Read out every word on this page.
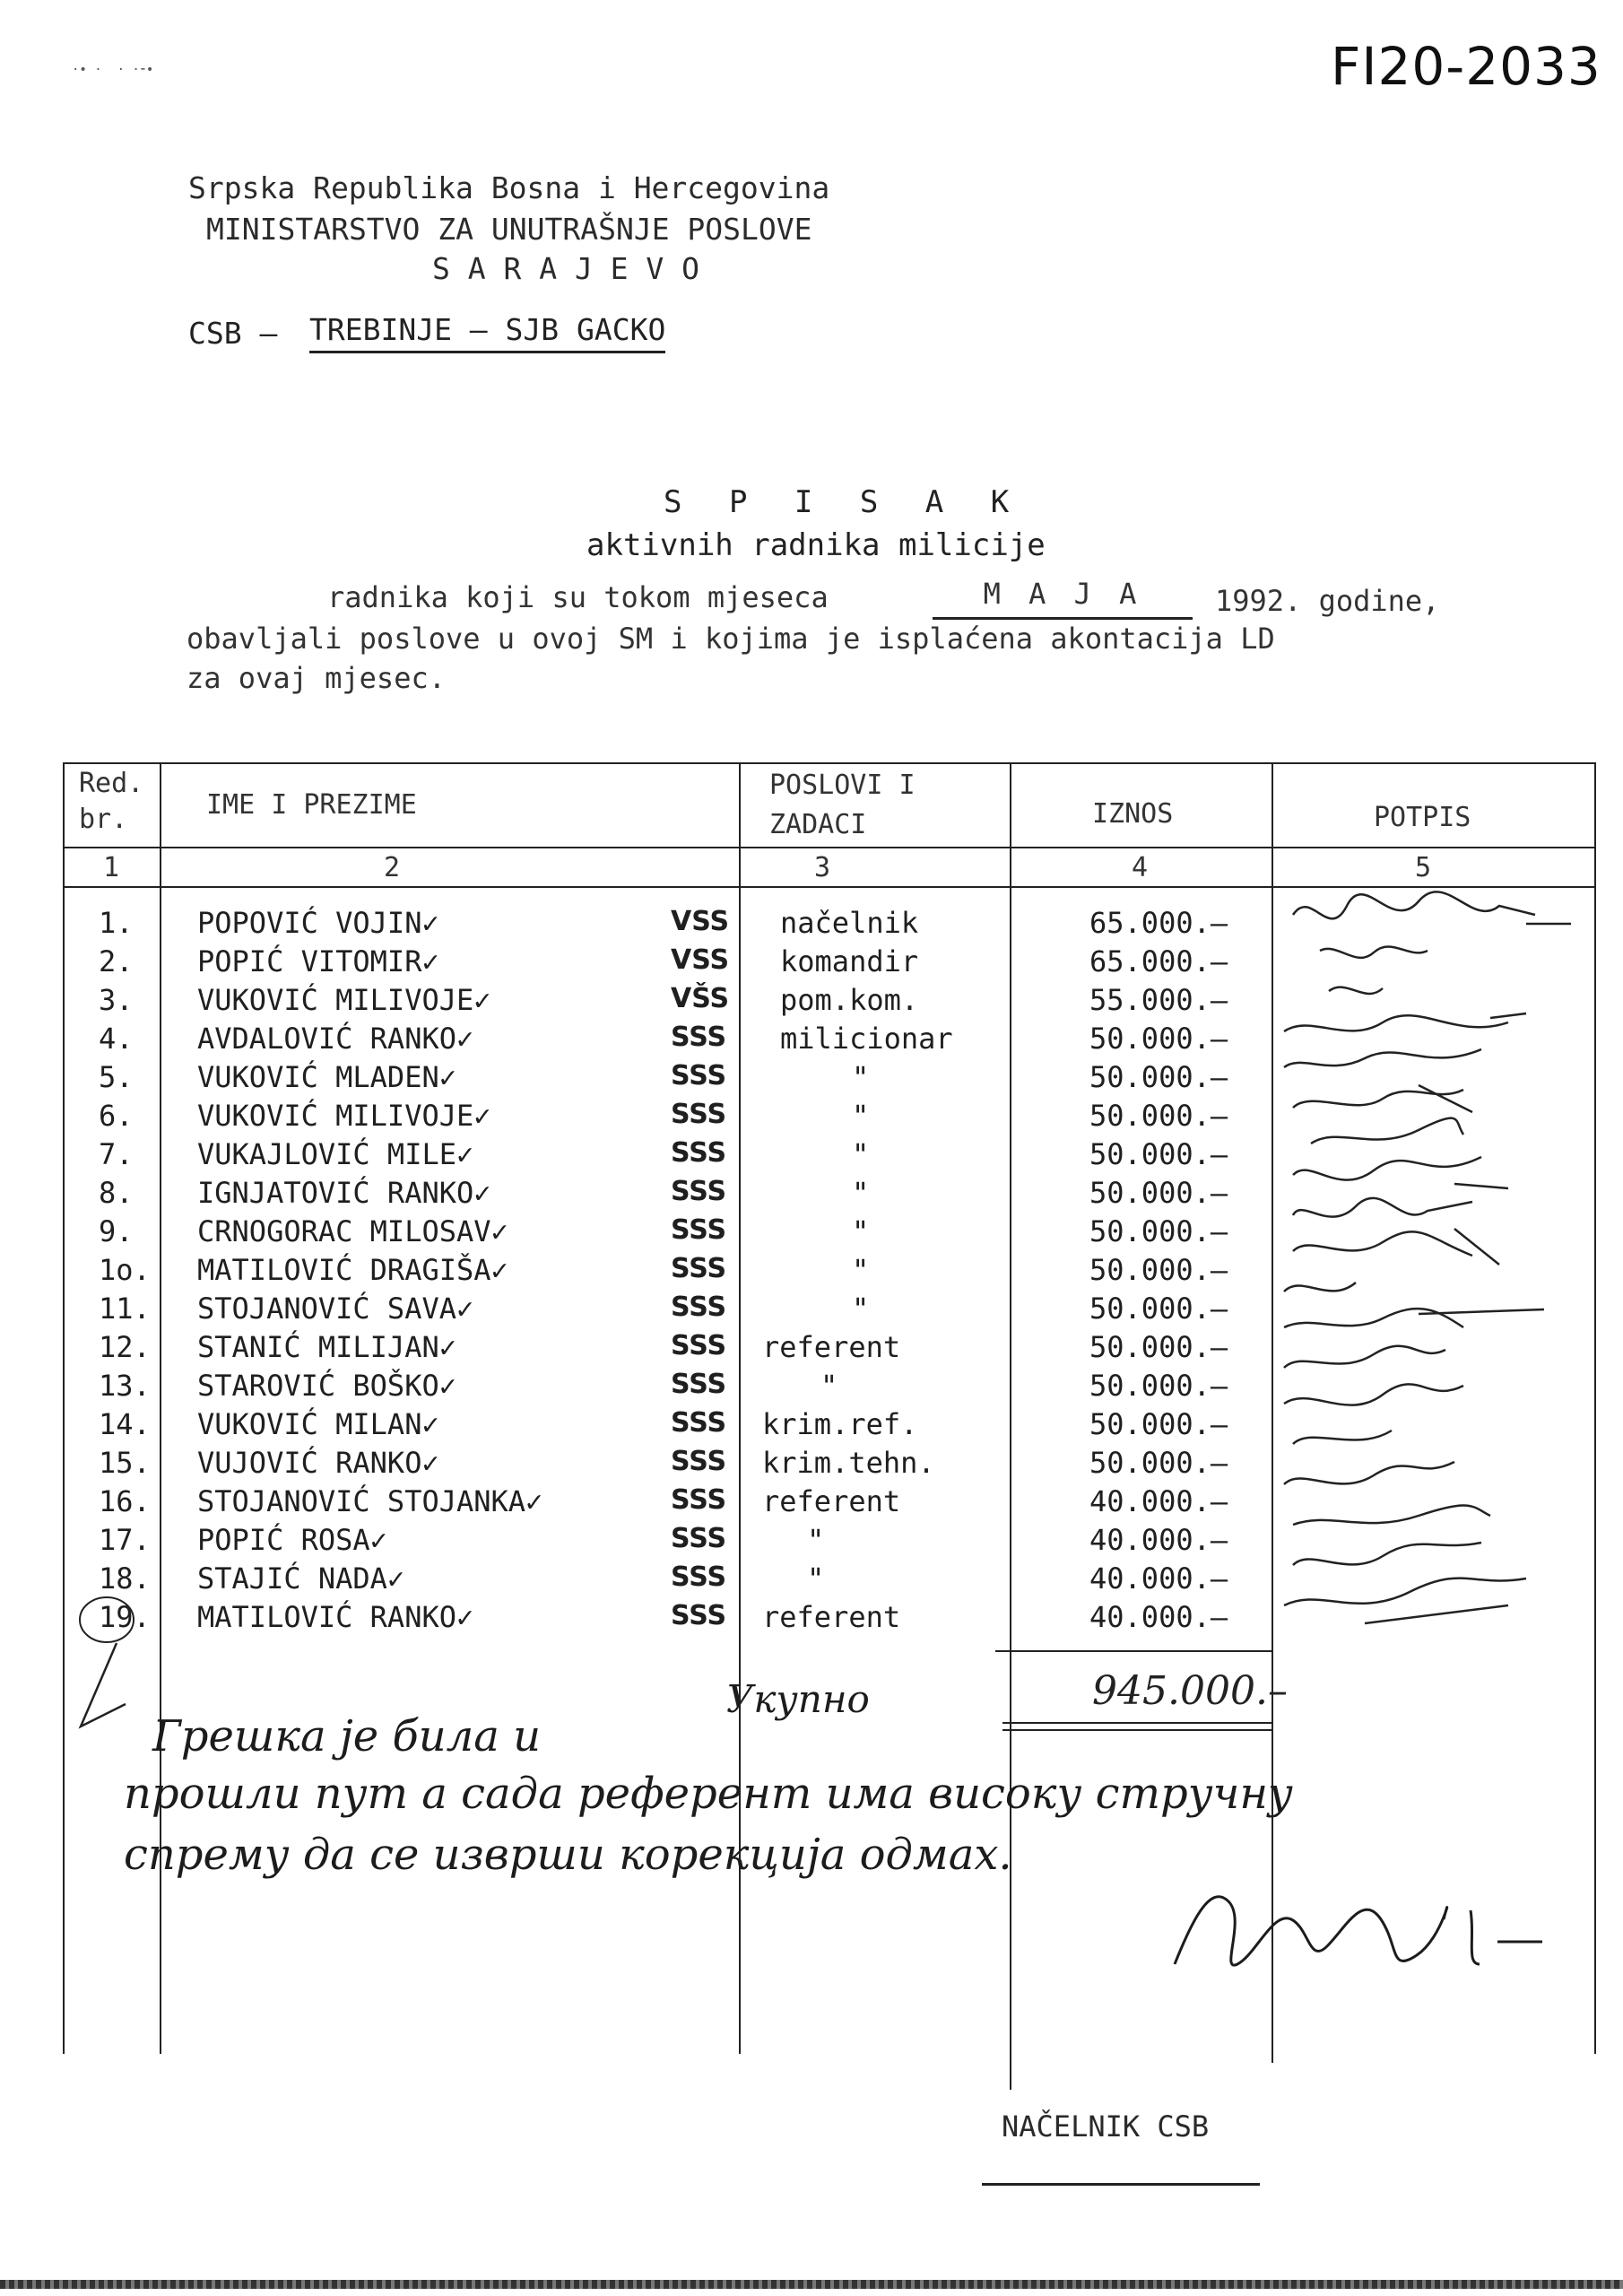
FI20-2033
·• ·  · ·⁃•
Srpska Republika Bosna i Hercegovina
MINISTARSTVO ZA UNUTRAŠNJE POSLOVE
S A R A J E V O
CSB – TREBINJE – SJB GACKO
S P I S A K
aktivnih radnika milicije
radnika koji su tokom mjeseca	M A J A	1992. godine,
obavljali poslove u ovoj SM i kojima je isplaćena akontacija LD
za ovaj mjesec.
Red.
br.	IME I PREZIME
POSLOVI I
ZADACI	IZNOS	POTPIS
1	2	3	4	5
1. POPOVIĆ VOJIN✓	VSS načelnik	65.000.–
2. POPIĆ VITOMIR✓	VSS komandir	65.000.–
3. VUKOVIĆ MILIVOJE✓	VŠS pom.kom.	55.000.–
4. AVDALOVIĆ RANKO✓	SSS milicionar	50.000.–
5. VUKOVIĆ MLADEN✓	SSS	"	50.000.–
6. VUKOVIĆ MILIVOJE✓	SSS	"	50.000.–
7. VUKAJLOVIĆ MILE✓	SSS	"	50.000.–
8. IGNJATOVIĆ RANKO✓	SSS	"	50.000.–
9. CRNOGORAC MILOSAV✓	SSS	"	50.000.–
1o. MATILOVIĆ DRAGIŠA✓	SSS	"	50.000.–
11. STOJANOVIĆ SAVA✓	SSS	"	50.000.–
12. STANIĆ MILIJAN✓	SSS referent	50.000.–
13. STAROVIĆ BOŠKO✓	SSS	"	50.000.–
14. VUKOVIĆ MILAN✓	SSS krim.ref.	50.000.–
15. VUJOVIĆ RANKO✓	SSS krim.tehn.	50.000.–
16. STOJANOVIĆ STOJANKA✓	SSS referent	40.000.–
17. POPIĆ ROSA✓	SSS	"	40.000.–
18. STAJIĆ NADA✓	SSS	"	40.000.–
19. MATILOVIĆ RANKO✓	SSS referent	40.000.–
945.000.–
Укупно
Грешка је била и
прошли пут а сада референт има високу стручну
спрему да се изврши корекција одмах.
NAČELNIK CSB
